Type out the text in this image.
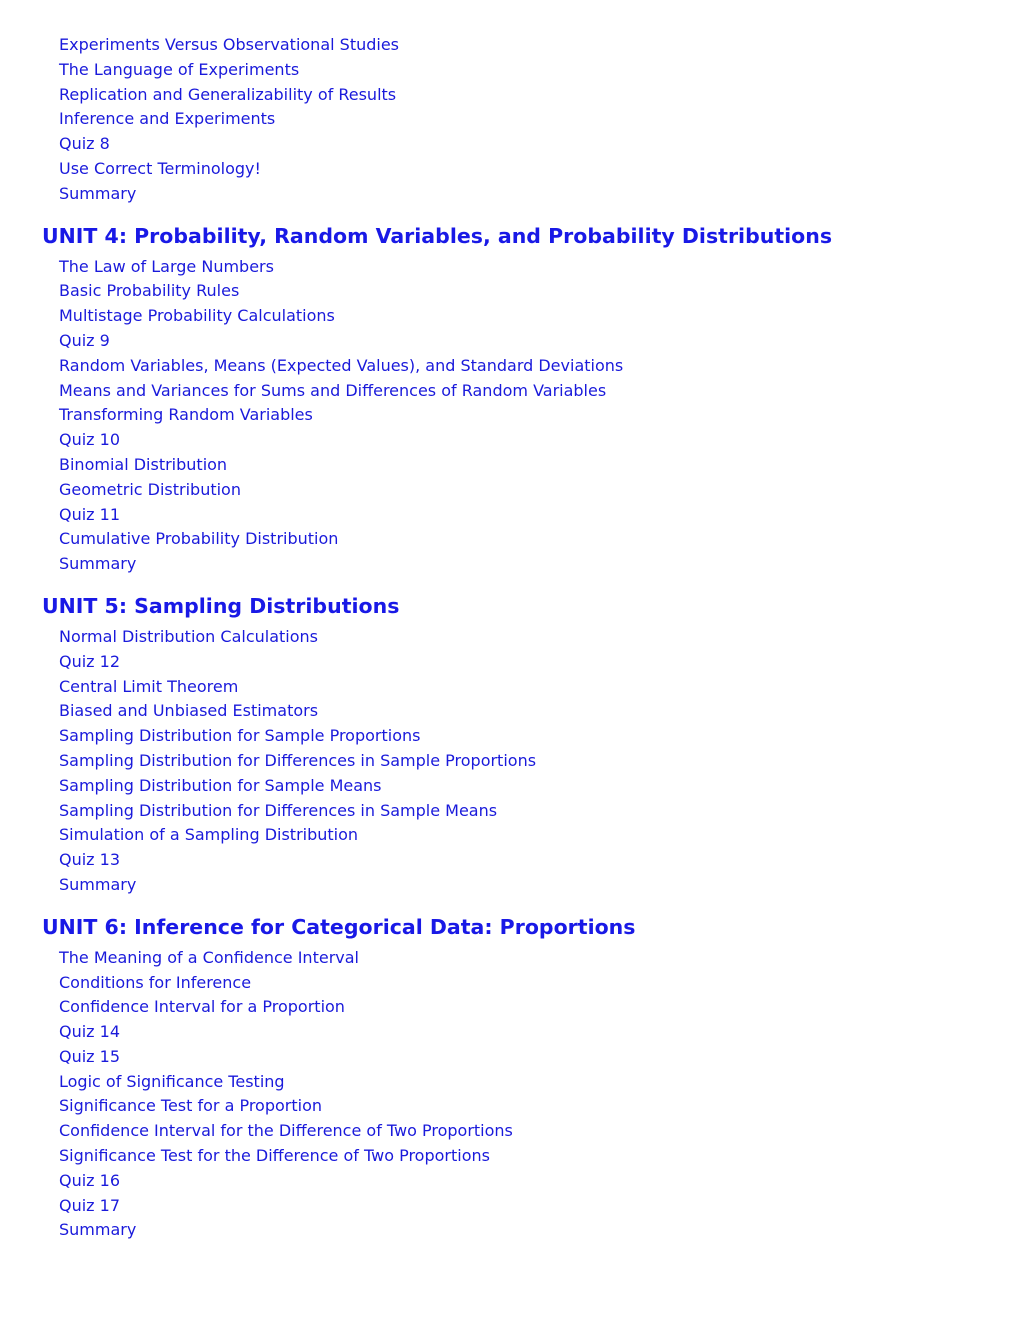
Experiments Versus Observational Studies
The Language of Experiments
Replication and Generalizability of Results
Inference and Experiments
Quiz 8
Use Correct Terminology!
Summary
UNIT 4: Probability, Random Variables, and Probability Distributions
The Law of Large Numbers
Basic Probability Rules
Multistage Probability Calculations
Quiz 9
Random Variables, Means (Expected Values), and Standard Deviations
Means and Variances for Sums and Differences of Random Variables
Transforming Random Variables
Quiz 10
Binomial Distribution
Geometric Distribution
Quiz 11
Cumulative Probability Distribution
Summary
UNIT 5: Sampling Distributions
Normal Distribution Calculations
Quiz 12
Central Limit Theorem
Biased and Unbiased Estimators
Sampling Distribution for Sample Proportions
Sampling Distribution for Differences in Sample Proportions
Sampling Distribution for Sample Means
Sampling Distribution for Differences in Sample Means
Simulation of a Sampling Distribution
Quiz 13
Summary
UNIT 6: Inference for Categorical Data: Proportions
The Meaning of a Confidence Interval
Conditions for Inference
Confidence Interval for a Proportion
Quiz 14
Quiz 15
Logic of Significance Testing
Significance Test for a Proportion
Confidence Interval for the Difference of Two Proportions
Significance Test for the Difference of Two Proportions
Quiz 16
Quiz 17
Summary
